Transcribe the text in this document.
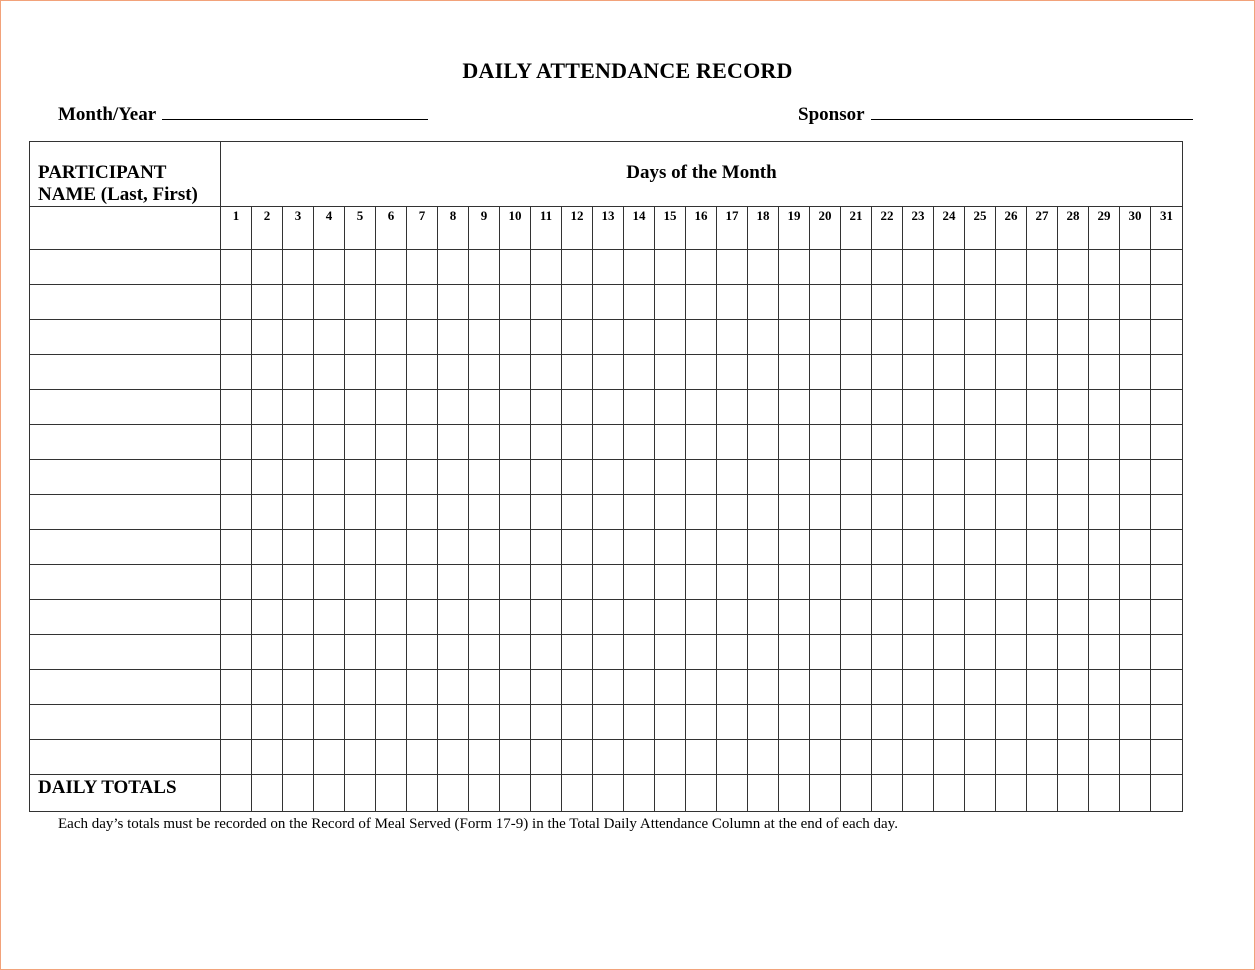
DAILY ATTENDANCE RECORD
Month/Year	Sponsor
PARTICIPANT
NAME (Last, First)	Days of the Month																														

	1	2	3	4	5	6	7	8	9	10	11	12	13	14	15	16	17	18	19	20	21	22	23	24	25	26	27	28	29	30	31

DAILY TOTALS																															
Each day’s totals must be recorded on the Record of Meal Served (Form 17-9) in the Total Daily Attendance Column at the end of each day.
